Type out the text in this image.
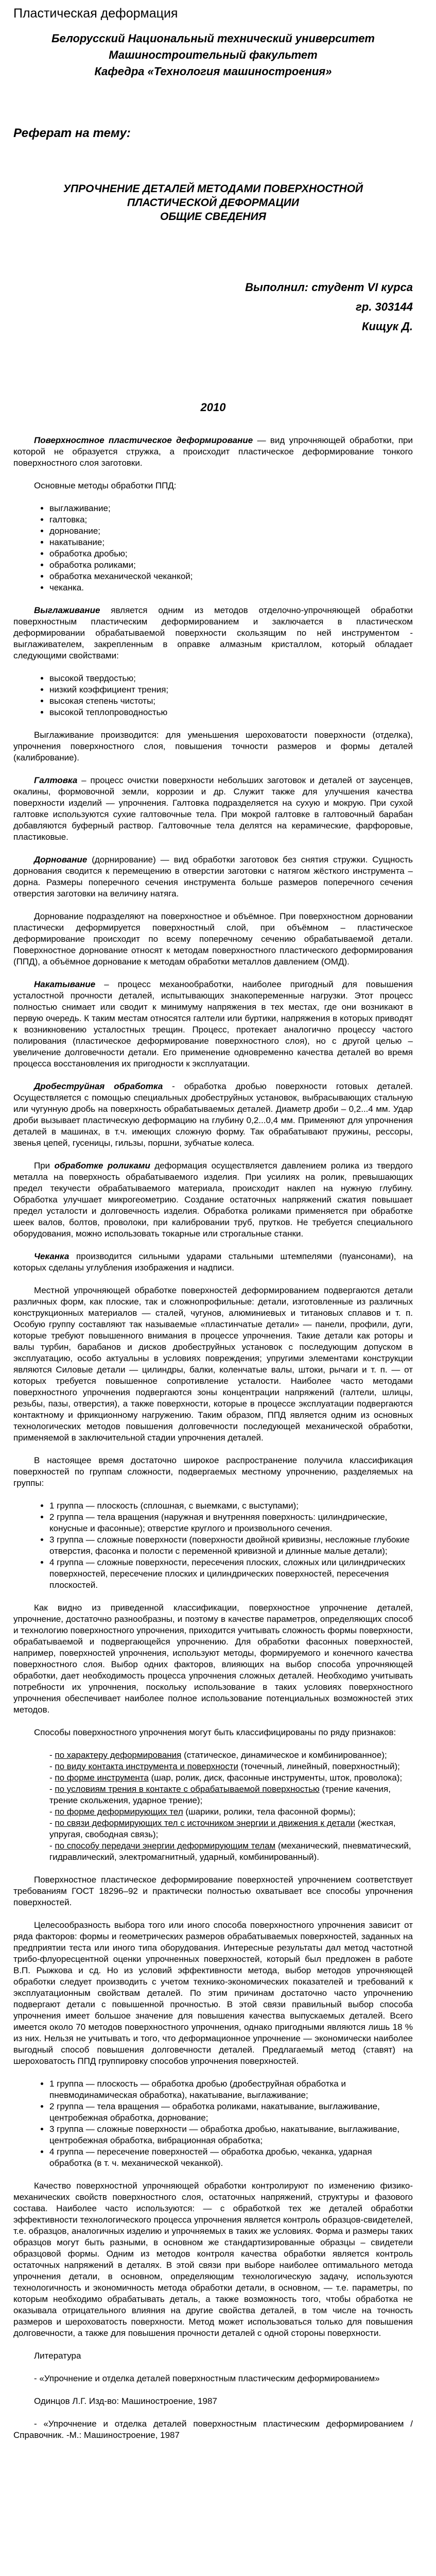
Пластическая деформация
Белорусский Национальный технический университет
Машиностроительный факультет
Кафедра «Технология машиностроения»
Реферат на тему:
УПРОЧНЕНИЕ ДЕТАЛЕЙ МЕТОДАМИ ПОВЕРХНОСТНОЙ
ПЛАСТИЧЕСКОЙ ДЕФОРМАЦИИ
ОБЩИЕ СВЕДЕНИЯ
Выполнил: студент VI курса
гр. 303144
Кищук Д.
2010

Поверхностное пластическое деформирование — вид упрочняющей обработки, при которой не образуется стружка, а происходит пластическое деформирование тонкого поверхностного слоя заготовки.

Основные методы обработки ППД:

• выглаживание;
• галтовка;
• дорнование;
• накатывание;
• обработка дробью;
• обработка роликами;
• обработка механической чеканкой;
• чеканка.

Выглаживание является одним из методов отделочно-упрочняющей обработки поверхностным пластическим деформированием и заключается в пластическом деформировании обрабатываемой поверхности скользящим по ней инструментом - выглаживателем, закрепленным в оправке алмазным кристаллом, который обладает следующими свойствами:

• высокой твердостью;
• низкий коэффициент трения;
• высокая степень чистоты;
• высокой теплопроводностью

Выглаживание производится: для уменьшения шероховатости поверхности (отделка), упрочнения поверхностного слоя, повышения точности размеров и формы деталей (калибрование).

Галтовка – процесс очистки поверхности небольших заготовок и деталей от заусенцев, окалины, формовочной земли, коррозии и др. Служит также для улучшения качества поверхности изделий — упрочнения. Галтовка подразделяется на сухую и мокрую. При сухой галтовке используются сухие галтовочные тела. При мокрой галтовке в галтовочный барабан добавляются буферный раствор. Галтовочные тела делятся на керамические, фарфоровые, пластиковые.

Дорнование (дорнирование) — вид обработки заготовок без снятия стружки. Сущность дорнования сводится к перемещению в отверстии заготовки с натягом жёсткого инструмента – дорна. Размеры поперечного сечения инструмента больше размеров поперечного сечения отверстия заготовки на величину натяга.

Дорнование подразделяют на поверхностное и объёмное. При поверхностном дорновании пластически деформируется поверхностный слой, при объёмном – пластическое деформирование происходит по всему поперечному сечению обрабатываемой детали. Поверхностное дорнование относят к методам поверхностного пластического деформирования (ППД), а объёмное дорнование к методам обработки металлов давлением (ОМД).

Накатывание – процесс механообработки, наиболее пригодный для повышения усталостной прочности деталей, испытывающих знакопеременные нагрузки. Этот процесс полностью снимает или сводит к минимуму напряжения в тех местах, где они возникают в первую очередь. К таким местам относятся галтели или буртики, напряжения в которых приводят к возникновению усталостных трещин. Процесс, протекает аналогично процессу частого полирования (пластическое деформирование поверхностного слоя), но с другой целью – увеличение долговечности детали. Его применение одновременно качества деталей во время процесса восстановления их пригодности к эксплуатации.

Дробеструйная обработка - обработка дробью поверхности готовых деталей. Осуществляется с помощью специальных дробеструйных установок, выбрасывающих стальную или чугунную дробь на поверхность обрабатываемых деталей. Диаметр дроби – 0,2...4 мм. Удар дроби вызывает пластическую деформацию на глубину 0,2...0,4 мм. Применяют для упрочнения деталей в машинах, в т.ч. имеющих сложную форму. Так обрабатывают пружины, рессоры, звенья цепей, гусеницы, гильзы, поршни, зубчатые колеса.

При обработке роликами деформация осуществляется давлением ролика из твердого металла на поверхность обрабатываемого изделия. При усилиях на ролик, превышающих предел текучести обрабатываемого материала, происходит наклеп на нужную глубину. Обработка улучшает микрогеометрию. Создание остаточных напряжений сжатия повышает предел усталости и долговечность изделия. Обработка роликами применяется при обработке шеек валов, болтов, проволоки, при калибровании труб, прутков. Не требуется специального оборудования, можно использовать токарные или строгальные станки.

Чеканка производится сильными ударами стальными штемпелями (пуансонами), на которых сделаны углубления изображения и надписи.

Местной упрочняющей обработке поверхностей деформированием подвергаются детали различных форм, как плоские, так и сложнопрофильные: детали, изготовленные из различных конструкционных материалов — сталей, чугунов, алюминиевых и титановых сплавов и т. п. Особую группу составляют так называемые «пластинчатые детали» — панели, профили, дуги, которые требуют повышенного внимания в процессе упрочнения. Такие детали как роторы и валы турбин, барабанов и дисков дробеструйных установок с последующим допуском в эксплуатацию, особо актуальны в условиях повреждения; упругими элементами конструкции являются Силовые детали — цилиндры, балки, коленчатые валы, штоки, рычаги и т. п. — от которых требуется повышенное сопротивление усталости. Наиболее часто методами поверхностного упрочнения подвергаются зоны концентрации напряжений (галтели, шлицы, резьбы, пазы, отверстия), а также поверхности, которые в процессе эксплуатации подвергаются контактному и фрикционному нагружению. Таким образом, ППД является одним из основных технологических методов повышения долговечности последующей механической обработки, применяемой в заключительной стадии упрочнения деталей.

В настоящее время достаточно широкое распространение получила классификация поверхностей по группам сложности, подвергаемых местному упрочнению, разделяемых на группы:

• 1 группа — плоскость (сплошная, с выемками, с выступами);
• 2 группа — тела вращения (наружная и внутренняя поверхность: цилиндрические, конусные и фасонные); отверстие круглого и произвольного сечения.
• 3 группа — сложные поверхности (поверхности двойной кривизны, несложные глубокие отверстия, фасонка и полости с переменной кривизной и длинные малые детали);
• 4 группа — сложные поверхности, пересечения плоских, сложных или цилиндрических поверхностей, пересечение плоских и цилиндрических поверхностей, пересечения плоскостей.

Как видно из приведенной классификации, поверхностное упрочнение деталей, упрочнение, достаточно разнообразны, и поэтому в качестве параметров, определяющих способ и технологию поверхностного упрочнения, приходится учитывать сложность формы поверхности, обрабатываемой и подвергающейся упрочнению. Для обработки фасонных поверхностей, например, поверхностей упрочнения, используют методы, формируемого и конечного качества поверхностного слоя. Выбор одних факторов, влияющих на выбор способа упрочняющей обработки, дает необходимость процесса упрочнения сложных деталей. Необходимо учитывать потребности их упрочнения, поскольку использование в таких условиях поверхностного упрочнения обеспечивает наиболее полное использование потенциальных возможностей этих методов.

Способы поверхностного упрочнения могут быть классифицированы по ряду признаков:

- по характеру деформирования (статическое, динамическое и комбинированное);
- по виду контакта инструмента и поверхности (точечный, линейный, поверхностный);
- по форме инструмента (шар, ролик, диск, фасонные инструменты, шток, проволока);
- по условиям трения в контакте с обрабатываемой поверхностью (трение качения, трение скольжения, ударное трение);
- по форме деформирующих тел (шарики, ролики, тела фасонной формы);
- по связи деформирующих тел с источником энергии и движения к детали (жесткая, упругая, свободная связь);
- по способу передачи энергии деформирующим телам (механический, пневматический, гидравлический, электромагнитный, ударный, комбинированный).

Поверхностное пластическое деформирование поверхностей упрочнением соответствует требованиям ГОСТ 18296–92 и практически полностью охватывает все способы упрочнения поверхностей.

Целесообразность выбора того или иного способа поверхностного упрочнения зависит от ряда факторов: формы и геометрических размеров обрабатываемых поверхностей, заданных на предприятии теста или иного типа оборудования. Интересные результаты дал метод частотной трибо-флуоресцентной оценки упрочненных поверхностей, который был предложен в работе В.П. Рыжкова и сд. Но из условий эффективности метода, выбор методов упрочняющей обработки следует производить с учетом технико-экономических показателей и требований к эксплуатационным свойствам деталей. По этим причинам достаточно часто упрочнению подвергают детали с повышенной прочностью. В этой связи правильный выбор способа упрочнения имеет большое значение для повышения качества выпускаемых деталей. Всего имеется около 70 методов поверхностного упрочнения, однако пригодными являются лишь 18 % из них. Нельзя не учитывать и того, что деформационное упрочнение — экономически наиболее выгодный способ повышения долговечности деталей. Предлагаемый метод (ставят) на шероховатость ППД группировку способов упрочнения поверхностей.

• 1 группа — плоскость — обработка дробью (дробеструйная обработка и пневмодинамическая обработка), накатывание, выглаживание;
• 2 группа — тела вращения — обработка роликами, накатывание, выглаживание, центробежная обработка, дорнование;
• 3 группа — сложные поверхности — обработка дробью, накатывание, выглаживание, центробежная обработка, вибрационная обработка;
• 4 группа — пересечение поверхностей — обработка дробью, чеканка, ударная обработка (в т. ч. механической чеканкой).

Качество поверхностной упрочняющей обработки контролируют по изменению физико-механических свойств поверхностного слоя, остаточных напряжений, структуры и фазового состава. Наиболее часто используются: — с обработкой тех же деталей обработки эффективности технологического процесса упрочнения является контроль образцов-свидетелей, т.е. образцов, аналогичных изделию и упрочняемых в таких же условиях. Форма и размеры таких образцов могут быть разными, в основном же стандартизированные образцы – свидетели образцовой формы. Одним из методов контроля качества обработки является контроль остаточных напряжений в деталях. В этой связи при выборе наиболее оптимального метода упрочнения детали, в основном, определяющим технологическую задачу, используются технологичность и экономичность метода обработки детали, в основном, — т.е. параметры, по которым необходимо обрабатывать деталь, а также возможность того, чтобы обработка не оказывала отрицательного влияния на другие свойства деталей, в том числе на точность размеров и шероховатость поверхности. Метод может использоваться только для повышения долговечности, а также для повышения прочности деталей с одной стороны поверхности.

Литература

- «Упрочнение и отделка деталей поверхностным пластическим деформированием»

Одинцов Л.Г. Изд-во: Машиностроение, 1987

- «Упрочнение и отделка деталей поверхностным пластическим деформированием /Справочник. -М.: Машиностроение, 1987
